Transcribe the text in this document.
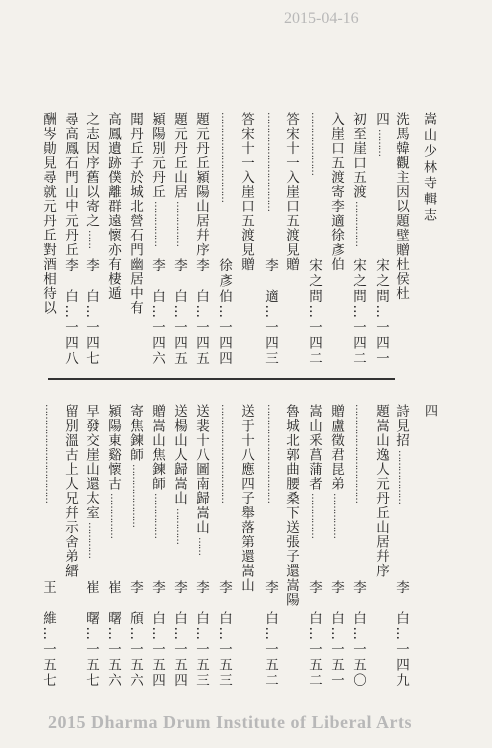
2015-04-16
嵩山少林寺輯志
四
洗馬韓觀主因以題壁贈杜侯杜
四
宋之問…一四一
………
初至崖口五渡
宋之問…一四二
……………
入崖口五渡寄李適徐彥伯
宋之問…一四二
…………………
答宋十一入崖口五渡見贈
李　適…一四三
……………………………
答宋十一入崖口五渡見贈
徐彥伯…一四四
…………………………
題元丹丘潁陽山居幷序
李　白…一四五
題元丹丘山居
李　白…一四五
……………
潁陽別元丹丘
李　白…一四六
……………
聞丹丘子於城北營石門幽居中有
高鳳遺跡僕離群遠懷亦有棲遁
之志因序舊以寄之
李　白…一四七
……
尋高鳳石門山中元丹丘
李　白…一四八
酬岑勛見尋就元丹丘對酒相待以
詩見招
李　白…一四九
………………
題嵩山逸人元丹丘山居幷序
李　白…一五〇
……………………………
贈盧徵君昆弟
李　白…一五一
……………
嵩山釆菖蒲者
李　白…一五二
……………
魯城北郭曲腰桑下送張子還嵩陽
李　白…一五二
……………………………
送于十八應四子舉落第還嵩山
李　白…一五三
……………………………
送裴十八圖南歸嵩山
李　白…一五三
……
送楊山人歸嵩山
李　白…一五四
…………
贈嵩山焦鍊師
李　白…一五四
……………
寄焦鍊師
李　頎…一五六
…………………
潁陽東谿懷古
崔　曙…一五六
……………
早發交崖山還太室
崔　曙…一五七
…………
留別溫古上人兄幷示舍弟縉
王　維…一五七
……………………………
2015 Dharma Drum Institute of Liberal Arts
